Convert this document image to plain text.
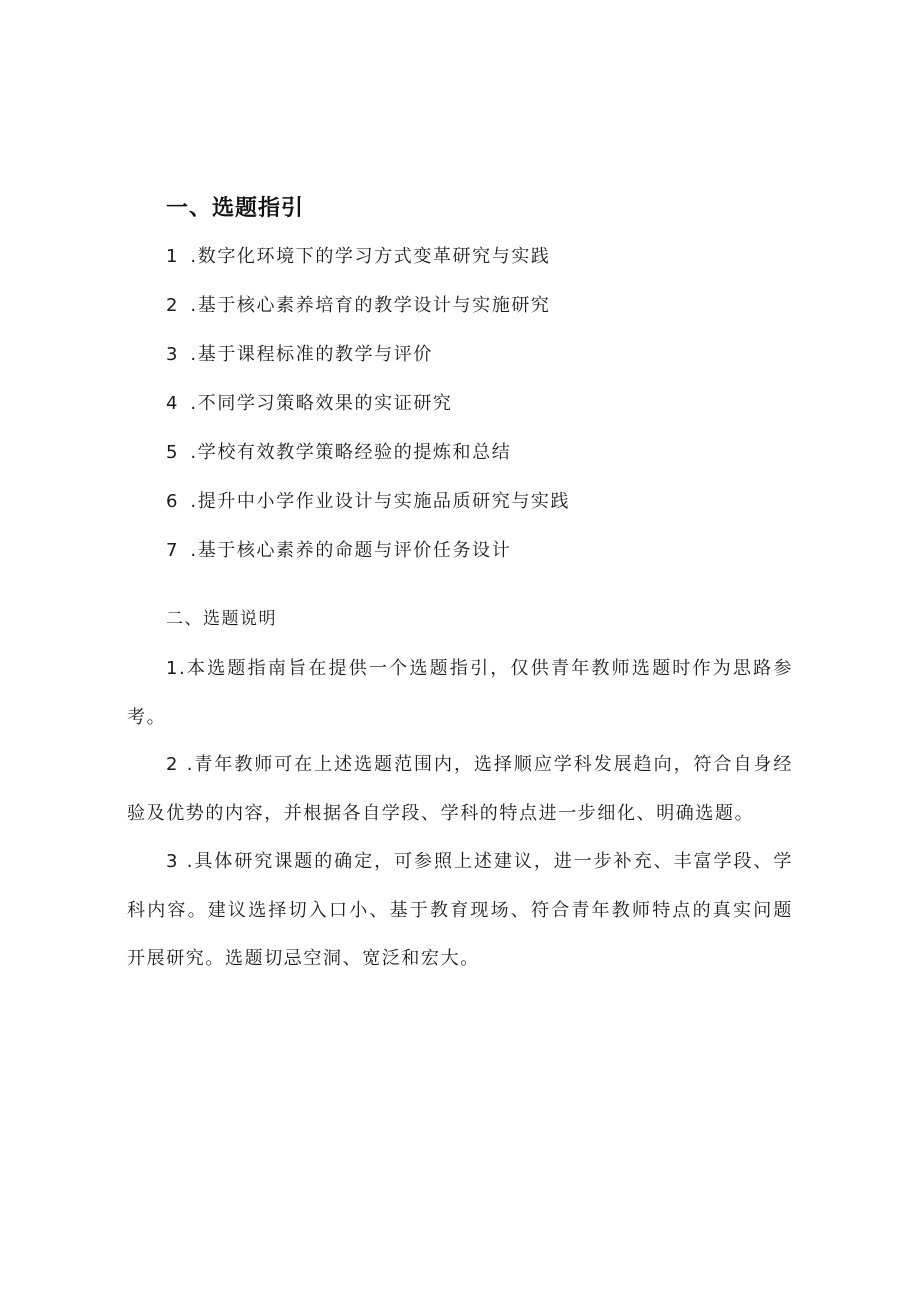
一、选题指引
1 .数字化环境下的学习方式变革研究与实践
2 .基于核心素养培育的教学设计与实施研究
3 .基于课程标准的教学与评价
4 .不同学习策略效果的实证研究
5 .学校有效教学策略经验的提炼和总结
6 .提升中小学作业设计与实施品质研究与实践
7 .基于核心素养的命题与评价任务设计
二、选题说明

1.本选题指南旨在提供一个选题指引，仅供青年教师选题时作为思路参考。

2 .青年教师可在上述选题范围内，选择顺应学科发展趋向，符合自身经验及优势的内容，并根据各自学段、学科的特点进一步细化、明确选题。

3 .具体研究课题的确定，可参照上述建议，进一步补充、丰富学段、学科内容。建议选择切入口小、基于教育现场、符合青年教师特点的真实问题开展研究。选题切忌空洞、宽泛和宏大。
